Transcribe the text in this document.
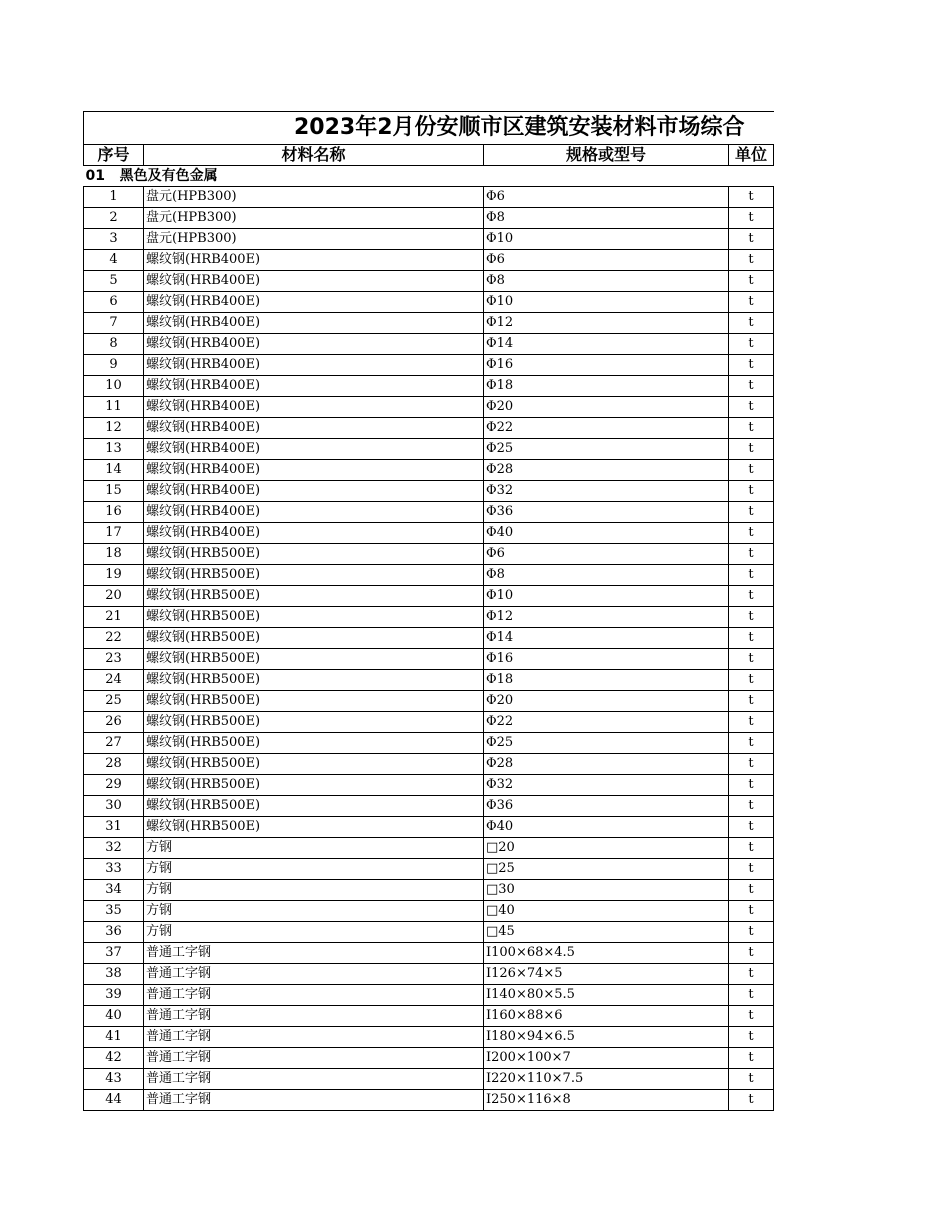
2023年2月份安顺市区建筑安装材料市场综合			
序号	材料名称	规格或型号	单位
01 黑色及有色金属			
1	盘元(HPB300)	Φ6	t
2	盘元(HPB300)	Φ8	t
3	盘元(HPB300)	Φ10	t
4	螺纹钢(HRB400E)	Φ6	t
5	螺纹钢(HRB400E)	Φ8	t
6	螺纹钢(HRB400E)	Φ10	t
7	螺纹钢(HRB400E)	Φ12	t
8	螺纹钢(HRB400E)	Φ14	t
9	螺纹钢(HRB400E)	Φ16	t
10	螺纹钢(HRB400E)	Φ18	t
11	螺纹钢(HRB400E)	Φ20	t
12	螺纹钢(HRB400E)	Φ22	t
13	螺纹钢(HRB400E)	Φ25	t
14	螺纹钢(HRB400E)	Φ28	t
15	螺纹钢(HRB400E)	Φ32	t
16	螺纹钢(HRB400E)	Φ36	t
17	螺纹钢(HRB400E)	Φ40	t
18	螺纹钢(HRB500E)	Φ6	t
19	螺纹钢(HRB500E)	Φ8	t
20	螺纹钢(HRB500E)	Φ10	t
21	螺纹钢(HRB500E)	Φ12	t
22	螺纹钢(HRB500E)	Φ14	t
23	螺纹钢(HRB500E)	Φ16	t
24	螺纹钢(HRB500E)	Φ18	t
25	螺纹钢(HRB500E)	Φ20	t
26	螺纹钢(HRB500E)	Φ22	t
27	螺纹钢(HRB500E)	Φ25	t
28	螺纹钢(HRB500E)	Φ28	t
29	螺纹钢(HRB500E)	Φ32	t
30	螺纹钢(HRB500E)	Φ36	t
31	螺纹钢(HRB500E)	Φ40	t
32	方钢	□20	t
33	方钢	□25	t
34	方钢	□30	t
35	方钢	□40	t
36	方钢	□45	t
37	普通工字钢	I100×68×4.5	t
38	普通工字钢	I126×74×5	t
39	普通工字钢	I140×80×5.5	t
40	普通工字钢	I160×88×6	t
41	普通工字钢	I180×94×6.5	t
42	普通工字钢	I200×100×7	t
43	普通工字钢	I220×110×7.5	t
44	普通工字钢	I250×116×8	t
